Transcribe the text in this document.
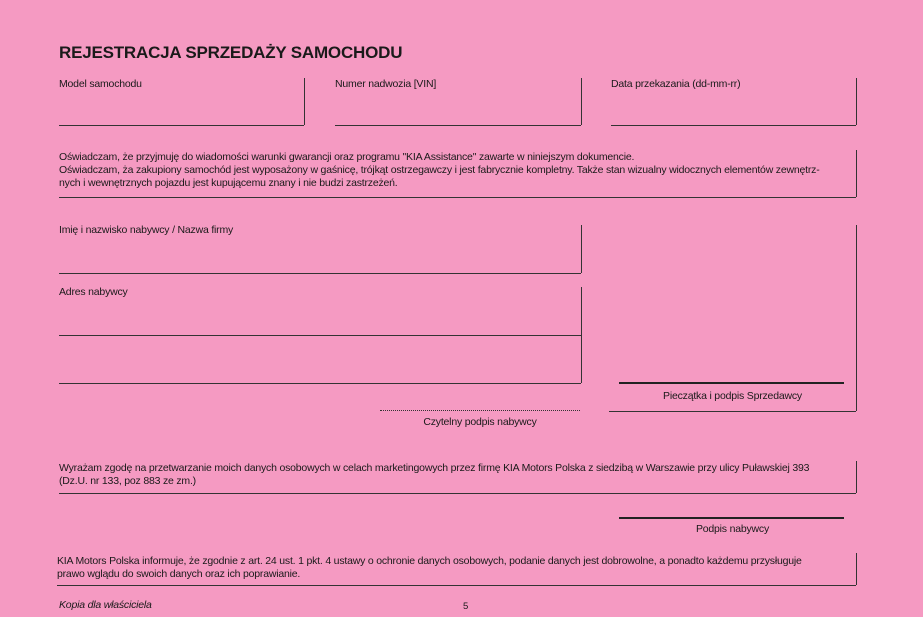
REJESTRACJA SPRZEDAŻY SAMOCHODU
Model samochodu	Numer nadwozia [VIN]	Data przekazania (dd-mm-rr)
Oświadczam, że przyjmuję do wiadomości warunki gwarancji oraz programu "KIA Assistance" zawarte w niniejszym dokumencie.
Oświadczam, ża zakupiony samochód jest wyposażony w gaśnicę, trójkąt ostrzegawczy i jest fabrycznie kompletny. Także stan wizualny widocznych elementów zewnętrz-
nych i wewnętrznych pojazdu jest kupującemu znany i nie budzi zastrzeżeń.
Imię i nazwisko nabywcy / Nazwa firmy
Adres nabywcy
Pieczątka i podpis Sprzedawcy
Czytelny podpis nabywcy
Wyrażam zgodę na przetwarzanie moich danych osobowych w celach marketingowych przez firmę KIA Motors Polska z siedzibą w Warszawie przy ulicy Puławskiej 393
(Dz.U. nr 133, poz 883 ze zm.)
Podpis nabywcy
KIA Motors Polska informuje, że zgodnie z art. 24 ust. 1 pkt. 4 ustawy o ochronie danych osobowych, podanie danych jest dobrowolne, a ponadto każdemu przysługuje
prawo wglądu do swoich danych oraz ich poprawianie.
Kopia dla właściciela	5
